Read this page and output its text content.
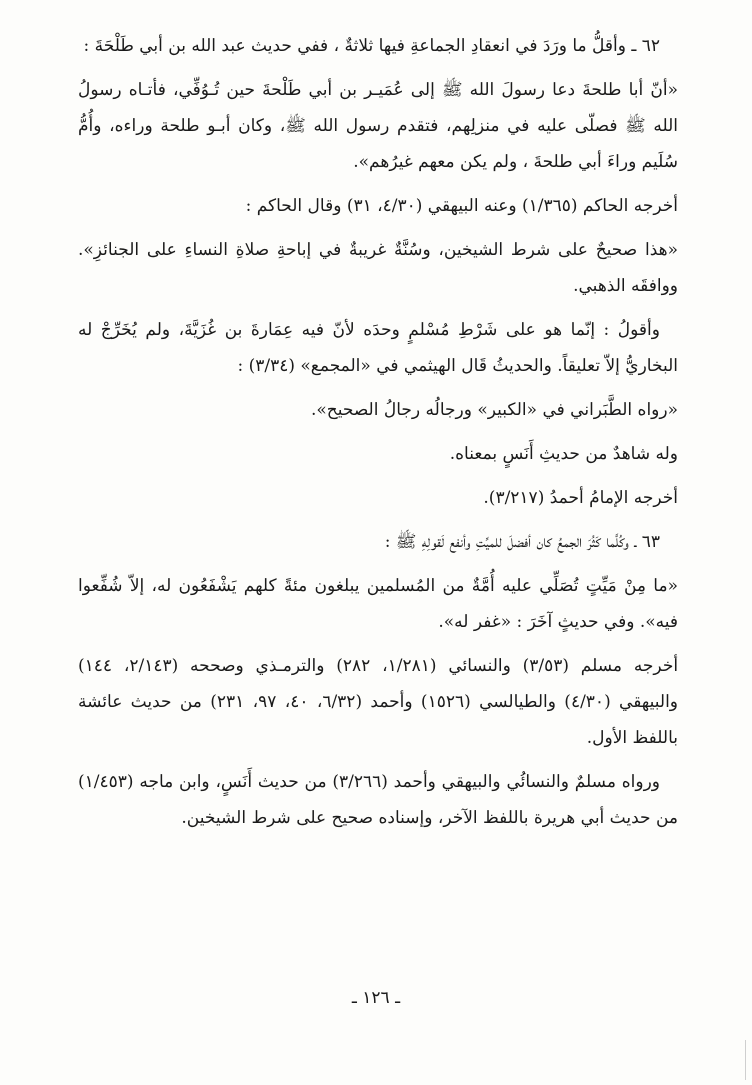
٦٢ ـ وأقلُّ ما ورَدَ في انعقادِ الجماعةِ فيها ثلاثةٌ ، ففي حديث عبد الله بن أبي طَلْحَةَ :

«أنّ أبا طلحةَ دعا رسولَ الله ﷺ إلى عُمَيـر بن أبي طَلْحةَ حين تُـوُفِّي، فأتـاه رسولُ الله ﷺ فصلّى عليه في منزلِهم، فتقدم رسول الله ﷺ، وكان أبـو طلحة وراءه، وأُمُّ سُلَيم وراءَ أبي طلحةَ ، ولم يكن معهم غيرُهم».

أخرجه الحاكم (١/٣٦٥) وعنه البيهقي (٤/٣٠، ٣١) وقال الحاكم :

«هذا صحيحٌ على شرط الشيخين، وسُنَّةٌ غريبةٌ في إباحةِ صلاةِ النساءِ على الجنائزِ». ووافقَه الذهبي.

وأقولُ : إنّما هو على شَرْطِ مُسْلمٍ وحدَه لأنّ فيه عِمَارةَ بن غُزَيَّةَ، ولم يُخَرِّجْ له البخاريُّ إلاّ تعليقاً. والحديثُ قَال الهيثمي في «المجمع» (٣/٣٤) :

«رواه الطَّبَراني في «الكبير» ورجالُه رجالُ الصحيح».

وله شاهدٌ من حديثِ أَنَسٍ بمعناه.

أخرجه الإمامُ أحمدُ (٣/٢١٧).

٦٣ ـ وكُلَّما كَثُرَ الجمعُ كان أفضلَ للميِّتِ وأنفع لَقولِهِ ﷺ :

«ما مِنْ مَيِّتٍ تُصَلِّي عليه أُمَّةٌ من المُسلمين يبلغون مئةً كلهم يَشْفَعُون له، إلاّ شُفِّعوا فيه». وفي حديثٍ آخَرَ : «غفر له».

أخرجه مسلم (٣/٥٣) والنسائي (١/٢٨١، ٢٨٢) والترمـذي وصححه (٢/١٤٣، ١٤٤) والبيهقي (٤/٣٠) والطيالسي (١٥٢٦) وأحمد (٦/٣٢، ٤٠، ٩٧، ٢٣١) من حديث عائشة باللفظ الأول.

ورواه مسلمٌ والنسائُي والبيهقي وأحمد (٣/٢٦٦) من حديث أَنَسٍ، وابن ماجه (١/٤٥٣) من حديث أبي هريرة باللفظ الآخر، وإسناده صحيح على شرط الشيخين.

ـ ١٢٦ ـ
